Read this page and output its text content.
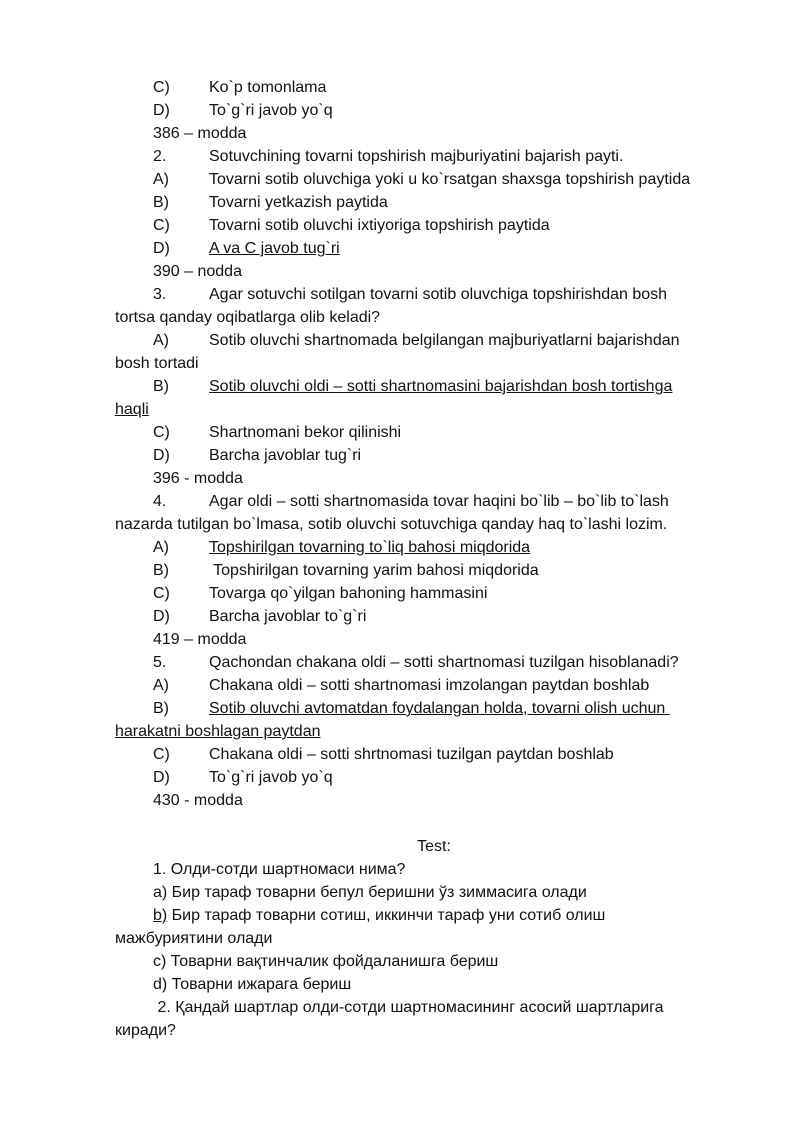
C) Ko`p tomonlama
D) To`g`ri javob yo`q
386 – modda
2.	Sotuvchining tovarni topshirish majburiyatini bajarish payti.
A)	Tovarni sotib oluvchiga yoki u ko`rsatgan shaxsga topshirish paytida
B)	Tovarni yetkazish paytida
C) Tovarni sotib oluvchi ixtiyoriga topshirish paytida
D) A va C javob tug`ri
390 – nodda
3.	Agar sotuvchi sotilgan tovarni sotib oluvchiga topshirishdan bosh
tortsa qanday oqibatlarga olib keladi?
A)	Sotib oluvchi shartnomada belgilangan majburiyatlarni bajarishdan
bosh tortadi
B)	Sotib oluvchi oldi – sotti shartnomasini bajarishdan bosh tortishga
haqli
C) Shartnomani bekor qilinishi
D) Barcha javoblar tug`ri
396 - modda
4.	Agar oldi – sotti shartnomasida tovar haqini bo`lib – bo`lib to`lash
nazarda tutilgan bo`lmasa, sotib oluvchi sotuvchiga qanday haq to`lashi lozim.
A)	Topshirilgan tovarning to`liq bahosi miqdorida
B)	Topshirilgan tovarning yarim bahosi miqdorida
C) Tovarga qo`yilgan bahoning hammasini
D) Barcha javoblar to`g`ri
419 – modda
5.	Qachondan chakana oldi – sotti shartnomasi tuzilgan hisoblanadi?
A)	Chakana oldi – sotti shartnomasi imzolangan paytdan boshlab
B)	Sotib oluvchi avtomatdan foydalangan holda, tovarni olish uchun
harakatni boshlagan paytdan
C) Chakana oldi – sotti shrtnomasi tuzilgan paytdan boshlab
D) To`g`ri javob yo`q
430 - modda
Test:
1. Олди-сотди шартномаси нима?
a) Бир тараф товарни бепул беришни ўз зиммасига олади
b) Бир тараф товарни сотиш, иккинчи тараф уни сотиб олиш
мажбуриятини олади
c) Товарни вақтинчалик фойдаланишга бериш
d) Товарни ижарага бериш
2. Қандай шартлар олди-сотди шартномасининг асосий шартларига
киради?
